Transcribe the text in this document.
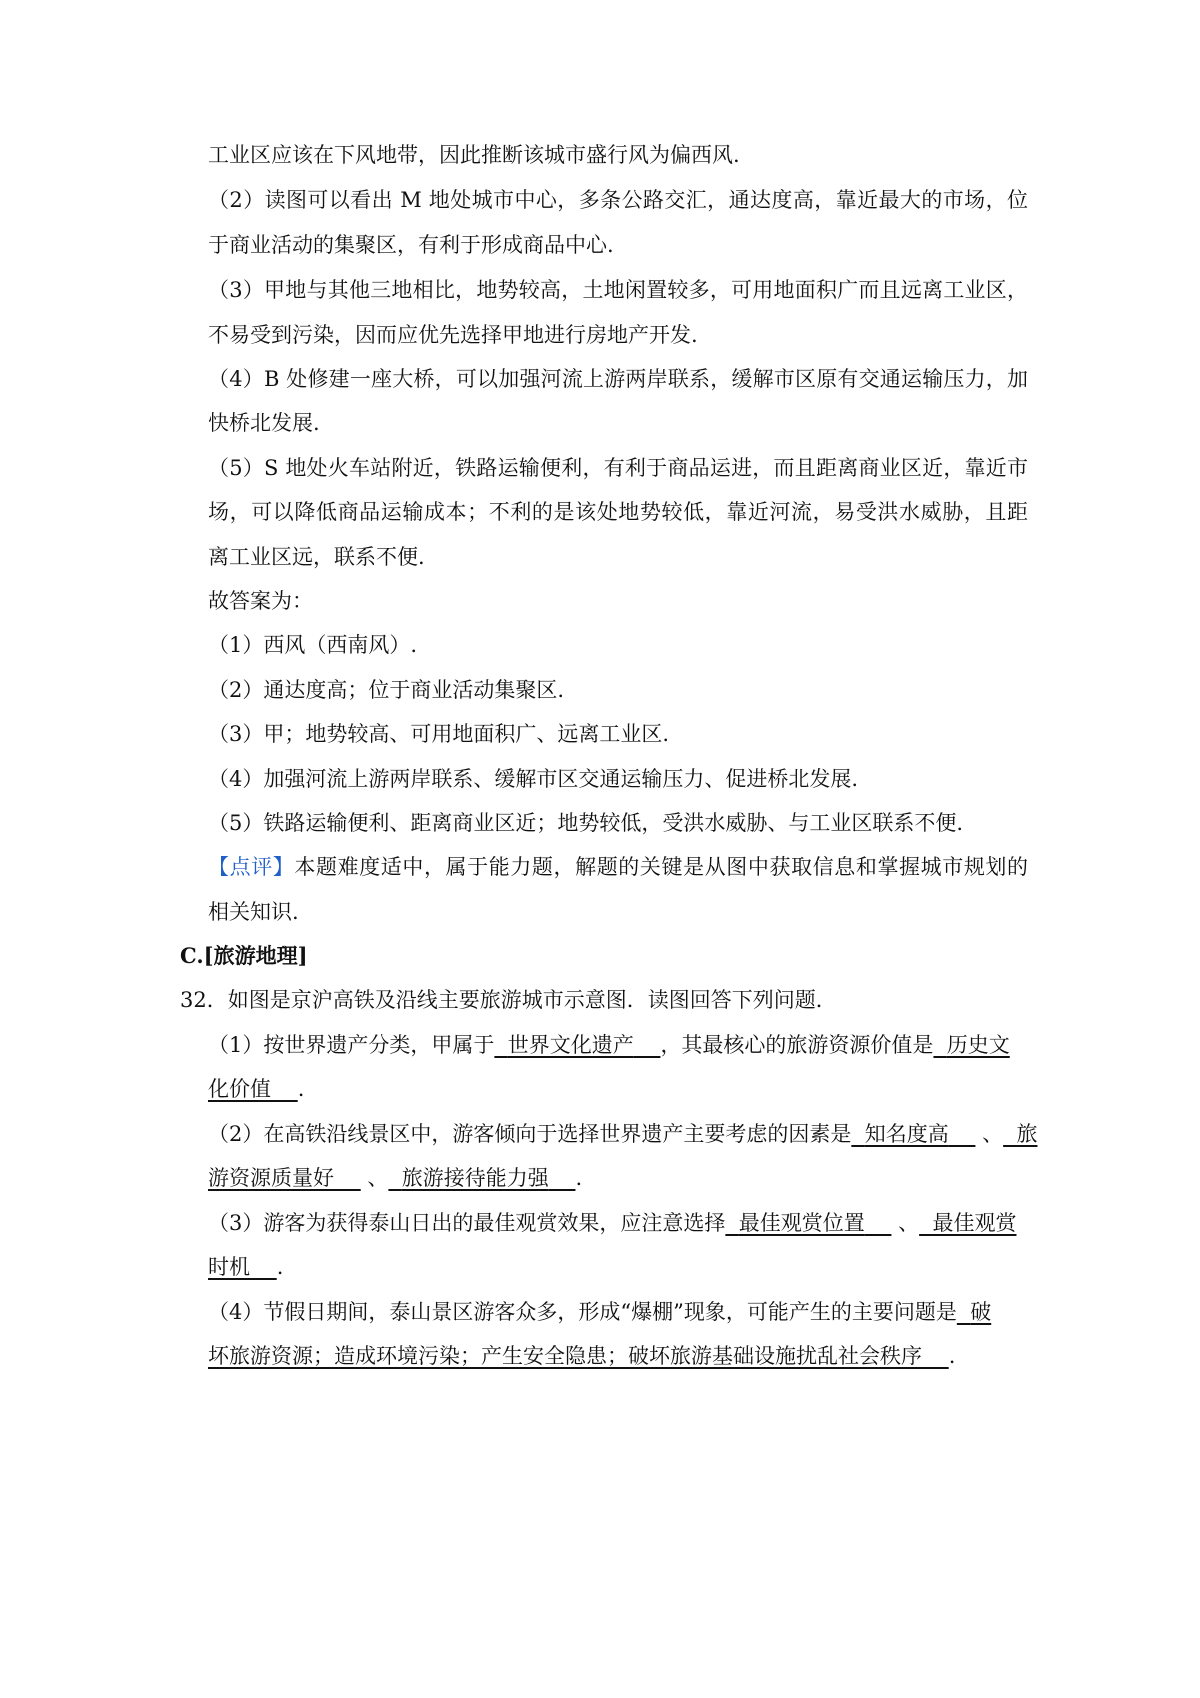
工业区应该在下风地带，因此推断该城市盛行风为偏西风.
（2）读图可以看出 M 地处城市中心，多条公路交汇，通达度高，靠近最大的市场，位
于商业活动的集聚区，有利于形成商品中心.
（3）甲地与其他三地相比，地势较高，土地闲置较多，可用地面积广而且远离工业区，
不易受到污染，因而应优先选择甲地进行房地产开发.
（4）B 处修建一座大桥，可以加强河流上游两岸联系，缓解市区原有交通运输压力，加
快桥北发展.
（5）S 地处火车站附近，铁路运输便利，有利于商品运进，而且距离商业区近，靠近市
场，可以降低商品运输成本；不利的是该处地势较低，靠近河流，易受洪水威胁，且距
离工业区远，联系不便.
故答案为：
（1）西风（西南风）.
（2）通达度高；位于商业活动集聚区.
（3）甲；地势较高、可用地面积广、远离工业区.
（4）加强河流上游两岸联系、缓解市区交通运输压力、促进桥北发展.
（5）铁路运输便利、距离商业区近；地势较低，受洪水威胁、与工业区联系不便.
【点评】本题难度适中，属于能力题，解题的关键是从图中获取信息和掌握城市规划的
相关知识.
C.[旅游地理]
32．如图是京沪高铁及沿线主要旅游城市示意图．读图回答下列问题．
（1）按世界遗产分类，甲属于 世界文化遗产 ，其最核心的旅游资源价值是 历史文
化价值 .
（2）在高铁沿线景区中，游客倾向于选择世界遗产主要考虑的因素是 知名度高     、 旅
游资源质量好     、 旅游接待能力强 .
（3）游客为获得泰山日出的最佳观赏效果，应注意选择 最佳观赏位置     、 最佳观赏
时机 .
（4）节假日期间，泰山景区游客众多，形成“爆棚”现象，可能产生的主要问题是 破
坏旅游资源；造成环境污染；产生安全隐患；破坏旅游基础设施扰乱社会秩序 .
